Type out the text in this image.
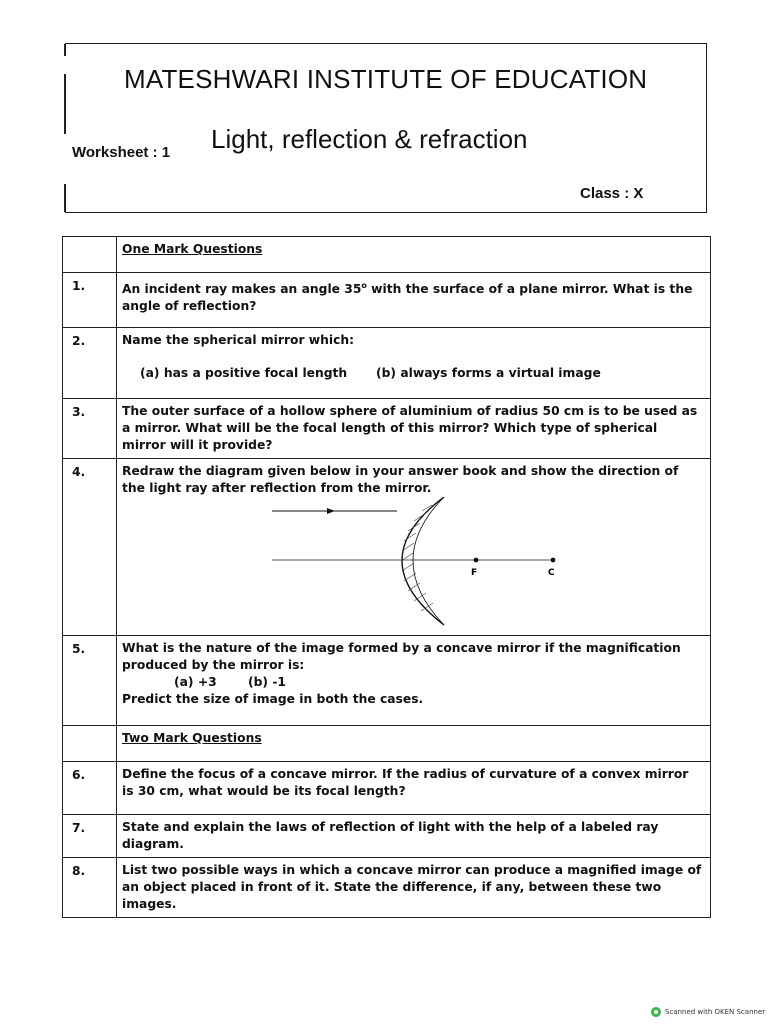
MATESHWARI INSTITUTE OF EDUCATION
Light, reflection & refraction
Worksheet : 1
Class : X
	One Mark Questions
1.	An incident ray makes an angle 35$^o$ with the surface of a plane mirror. What is the angle of reflection?
2.	Name the spherical mirror which:
(a) has a positive focal length (b) always forms a virtual image

3.	The outer surface of a hollow sphere of aluminium of radius 50 cm is to be used as a mirror. What will be the focal length of this mirror? Which type of spherical mirror will it provide?
4.	Redraw the diagram given below in your answer book and show the direction of the light ray after reflection from the mirror.
F C

5.	What is the nature of the image formed by a concave mirror if the magnification produced by the mirror is:
(a) +3 (b) -1
Predict the size of image in both the cases.

	Two Mark Questions
6.	Define the focus of a concave mirror. If the radius of curvature of a convex mirror is 30 cm, what would be its focal length?
7.	State and explain the laws of reflection of light with the help of a labeled ray diagram.
8.	List two possible ways in which a concave mirror can produce a magnified image of an object placed in front of it. State the difference, if any, between these two images.
Scanned with OKEN Scanner
